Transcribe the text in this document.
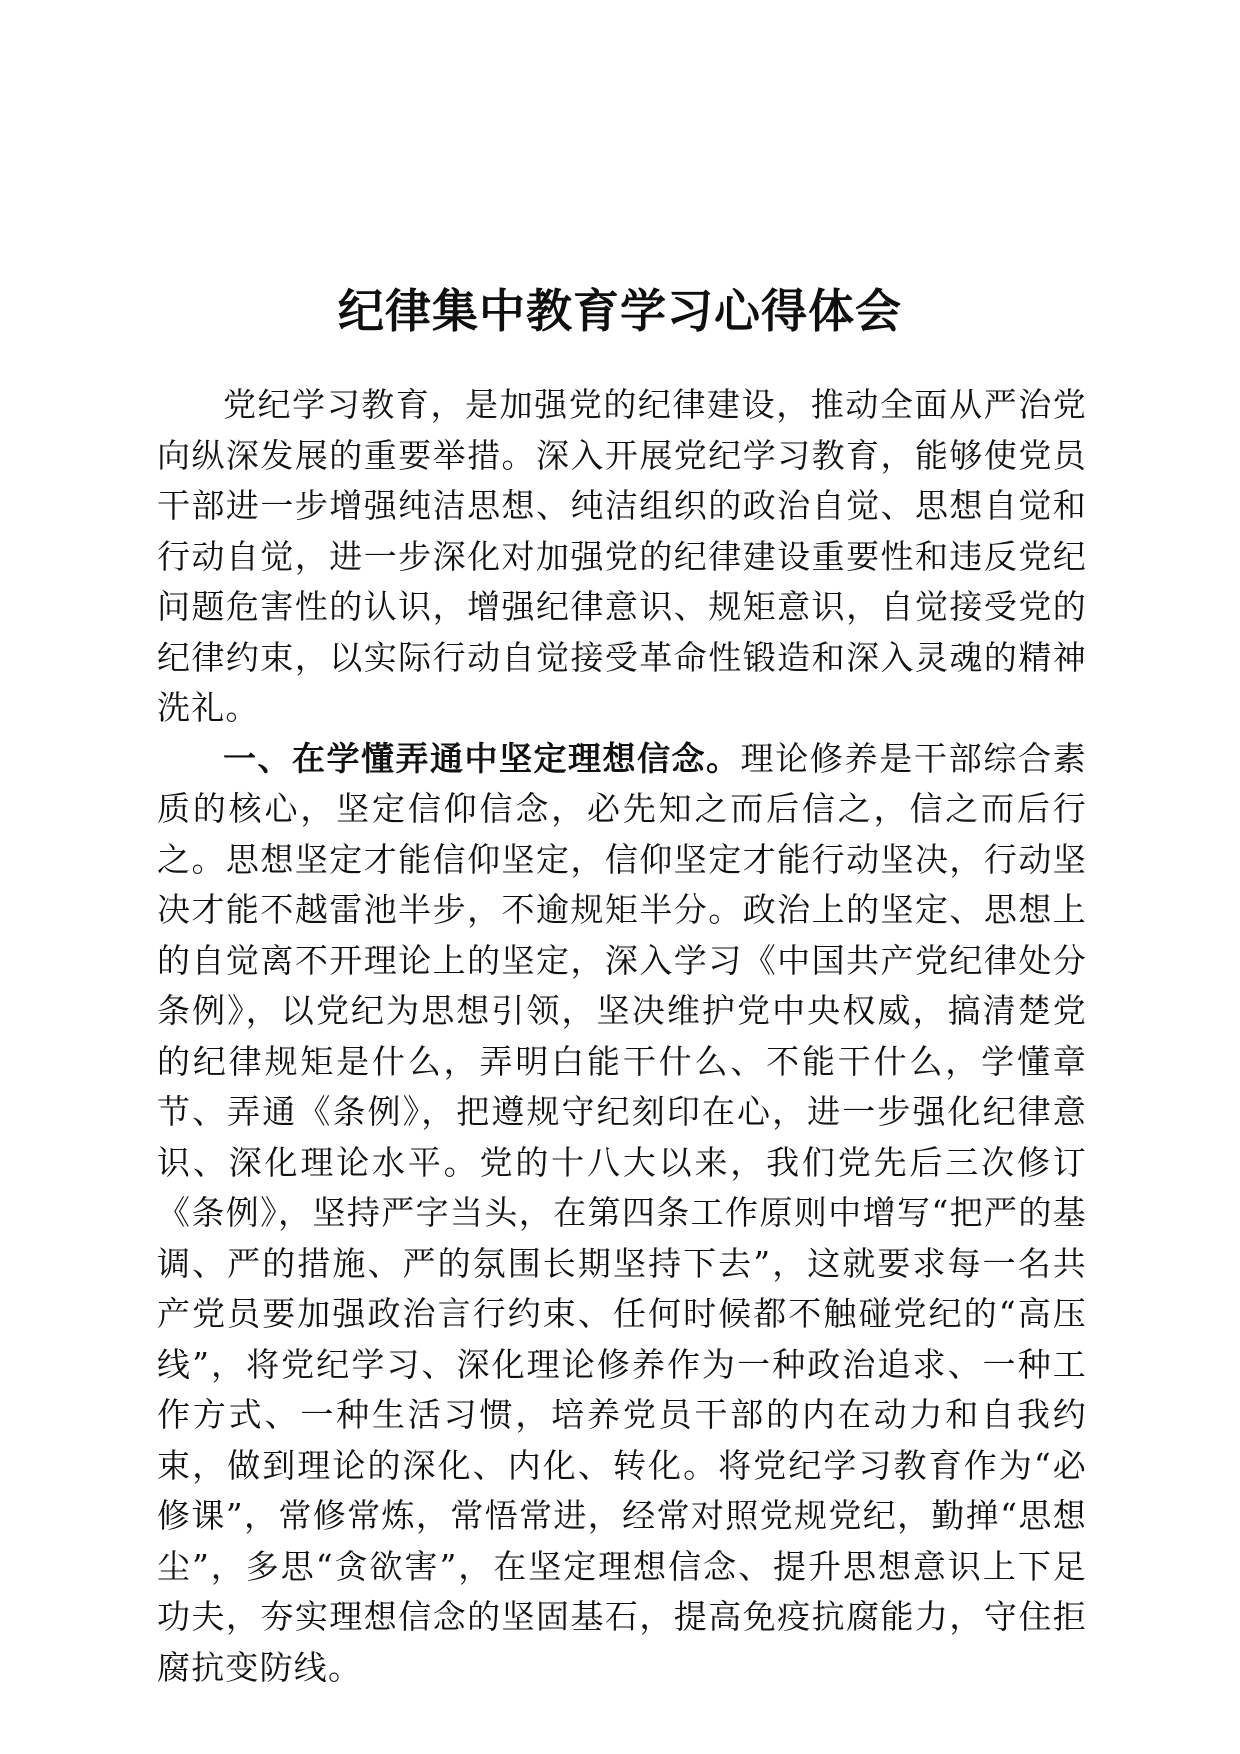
纪律集中教育学习心得体会

党纪学习教育，是加强党的纪律建设，推动全面从严治党向纵深发展的重要举措。深入开展党纪学习教育，能够使党员干部进一步增强纯洁思想、纯洁组织的政治自觉、思想自觉和行动自觉，进一步深化对加强党的纪律建设重要性和违反党纪问题危害性的认识，增强纪律意识、规矩意识，自觉接受党的纪律约束，以实际行动自觉接受革命性锻造和深入灵魂的精神洗礼。

一、在学懂弄通中坚定理想信念。理论修养是干部综合素质的核心，坚定信仰信念，必先知之而后信之，信之而后行之。思想坚定才能信仰坚定，信仰坚定才能行动坚决，行动坚决才能不越雷池半步，不逾规矩半分。政治上的坚定、思想上的自觉离不开理论上的坚定，深入学习《中国共产党纪律处分条例》，以党纪为思想引领，坚决维护党中央权威，搞清楚党的纪律规矩是什么，弄明白能干什么、不能干什么，学懂章节、弄通《条例》，把遵规守纪刻印在心，进一步强化纪律意识、深化理论水平。党的十八大以来，我们党先后三次修订《条例》，坚持严字当头，在第四条工作原则中增写“把严的基调、严的措施、严的氛围长期坚持下去”，这就要求每一名共产党员要加强政治言行约束、任何时候都不触碰党纪的“高压线”，将党纪学习、深化理论修养作为一种政治追求、一种工作方式、一种生活习惯，培养党员干部的内在动力和自我约束，做到理论的深化、内化、转化。将党纪学习教育作为“必修课”，常修常炼，常悟常进，经常对照党规党纪，勤掸“思想尘”，多思“贪欲害”，在坚定理想信念、提升思想意识上下足功夫，夯实理想信念的坚固基石，提高免疫抗腐能力，守住拒腐抗变防线。
